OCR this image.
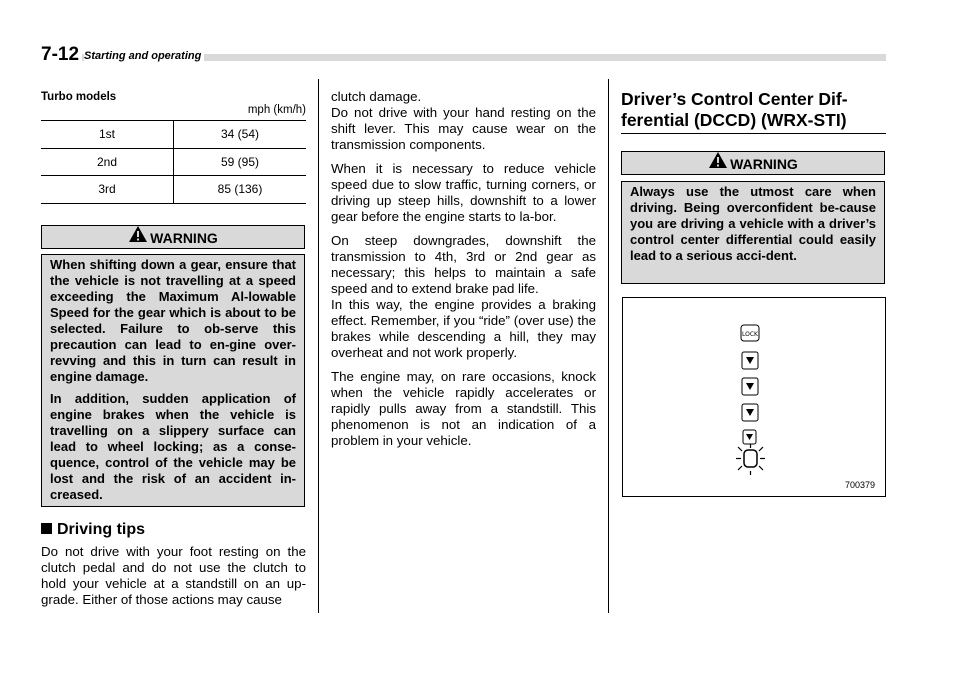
7-12 Starting and operating
Turbo models
mph (km/h)
1st	34 (54)
2nd	59 (95)
3rd	85 (136)
WARNING

When shifting down a gear, ensure that the vehicle is not travelling at a speed exceeding the Maximum Al-lowable Speed for the gear which is about to be selected. Failure to ob-serve this precaution can lead to en-gine over-revving and this in turn can result in engine damage.

In addition, sudden application of engine brakes when the vehicle is travelling on a slippery surface can lead to wheel locking; as a conse-quence, control of the vehicle may be lost and the risk of an accident in-creased.

Driving tips

Do not drive with your foot resting on the clutch pedal and do not use the clutch to hold your vehicle at a standstill on an up-grade. Either of those actions may cause

clutch damage.

Do not drive with your hand resting on the shift lever. This may cause wear on the transmission components.

When it is necessary to reduce vehicle speed due to slow traffic, turning corners, or driving up steep hills, downshift to a lower gear before the engine starts to la-bor.

On steep downgrades, downshift the transmission to 4th, 3rd or 2nd gear as necessary; this helps to maintain a safe speed and to extend brake pad life.

In this way, the engine provides a braking effect. Remember, if you “ride” (over use) the brakes while descending a hill, they may overheat and not work properly.

The engine may, on rare occasions, knock when the vehicle rapidly accelerates or rapidly pulls away from a standstill. This phenomenon is not an indication of a problem in your vehicle.

Driver’s Control Center Dif-ferential (DCCD) (WRX-STI)
WARNING

Always use the utmost care when driving. Being overconfident be-cause you are driving a vehicle with a driver’s control center differential could easily lead to a serious acci-dent.

LOCK
700379
